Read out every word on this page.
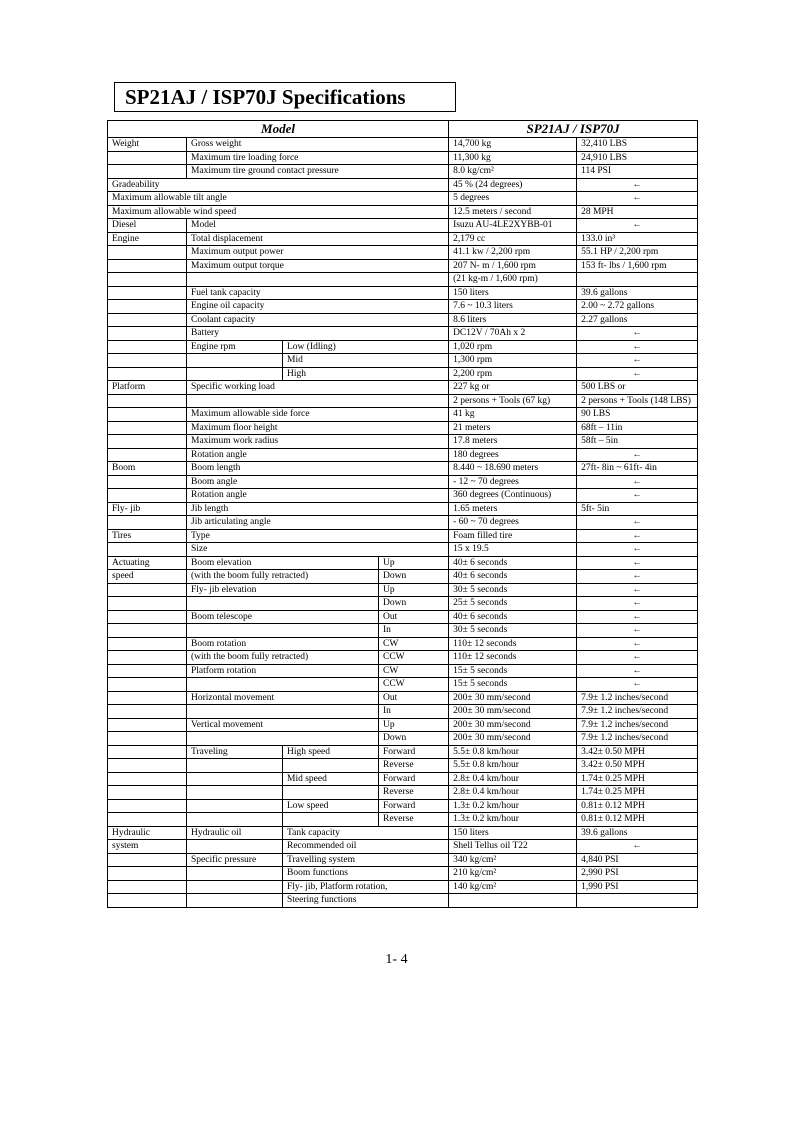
SP21AJ / ISP70J Specifications
Model				SP21AJ / ISP70J	
Weight	Gross weight			14,700 kg	32,410 LBS
	Maximum tire loading force			11,300 kg	24,910 LBS
	Maximum tire ground contact pressure			8.0 kg/cm²	114 PSI
Gradeability				45 % (24 degrees)	←
Maximum allowable tilt angle				5 degrees	←
Maximum allowable wind speed				12.5 meters / second	28 MPH
Diesel	Model			Isuzu AU-4LE2XYBB-01	←
Engine	Total displacement			2,179 cc	133.0 in³
	Maximum output power			41.1 kw / 2,200 rpm	55.1 HP / 2,200 rpm
	Maximum output torque			207 N- m / 1,600 rpm	153 ft- lbs / 1,600 rpm
				(21 kg-m / 1,600 rpm)	
	Fuel tank capacity			150 liters	39.6 gallons
	Engine oil capacity			7.6 ~ 10.3 liters	2.00 ~ 2.72 gallons
	Coolant capacity			8.6 liters	2.27 gallons
	Battery			DC12V / 70Ah x 2	←
	Engine rpm	Low (Idling)		1,020 rpm	←
		Mid		1,300 rpm	←
		High		2,200 rpm	←
Platform	Specific working load			227 kg or	500 LBS or
				2 persons + Tools (67 kg)	2 persons + Tools (148 LBS)
	Maximum allowable side force			41 kg	90 LBS
	Maximum floor height			21 meters	68ft – 11in
	Maximum work radius			17.8 meters	58ft – 5in
	Rotation angle			180 degrees	←
Boom	Boom length			8.440 ~ 18.690 meters	27ft- 8in ~ 61ft- 4in
	Boom angle			- 12 ~ 70 degrees	←
	Rotation angle			360 degrees (Continuous)	←
Fly- jib	Jib length			1.65 meters	5ft- 5in
	Jib articulating angle			- 60 ~ 70 degrees	←
Tires	Type			Foam filled tire	←
	Size			15 x 19.5	←
Actuating	Boom elevation		Up	40± 6 seconds	←
speed	(with the boom fully retracted)		Down	40± 6 seconds	←
	Fly- jib elevation		Up	30± 5 seconds	←
			Down	25± 5 seconds	←
	Boom telescope		Out	40± 6 seconds	←
			In	30± 5 seconds	←
	Boom rotation		CW	110± 12 seconds	←
	(with the boom fully retracted)		CCW	110± 12 seconds	←
	Platform rotation		CW	15± 5 seconds	←
			CCW	15± 5 seconds	←
	Horizontal movement		Out	200± 30 mm/second	7.9± 1.2 inches/second
			In	200± 30 mm/second	7.9± 1.2 inches/second
	Vertical movement		Up	200± 30 mm/second	7.9± 1.2 inches/second
			Down	200± 30 mm/second	7.9± 1.2 inches/second
	Traveling	High speed	Forward	5.5± 0.8 km/hour	3.42± 0.50 MPH
			Reverse	5.5± 0.8 km/hour	3.42± 0.50 MPH
		Mid speed	Forward	2.8± 0.4 km/hour	1.74± 0.25 MPH
			Reverse	2.8± 0.4 km/hour	1.74± 0.25 MPH
		Low speed	Forward	1.3± 0.2 km/hour	0.81± 0.12 MPH
			Reverse	1.3± 0.2 km/hour	0.81± 0.12 MPH
Hydraulic	Hydraulic oil	Tank capacity		150 liters	39.6 gallons
system		Recommended oil		Shell Tellus oil T22	←
	Specific pressure	Travelling system		340 kg/cm²	4,840 PSI
		Boom functions		210 kg/cm²	2,990 PSI
		Fly- jib, Platform rotation,		140 kg/cm²	1,990 PSI
		Steering functions			
1- 4
